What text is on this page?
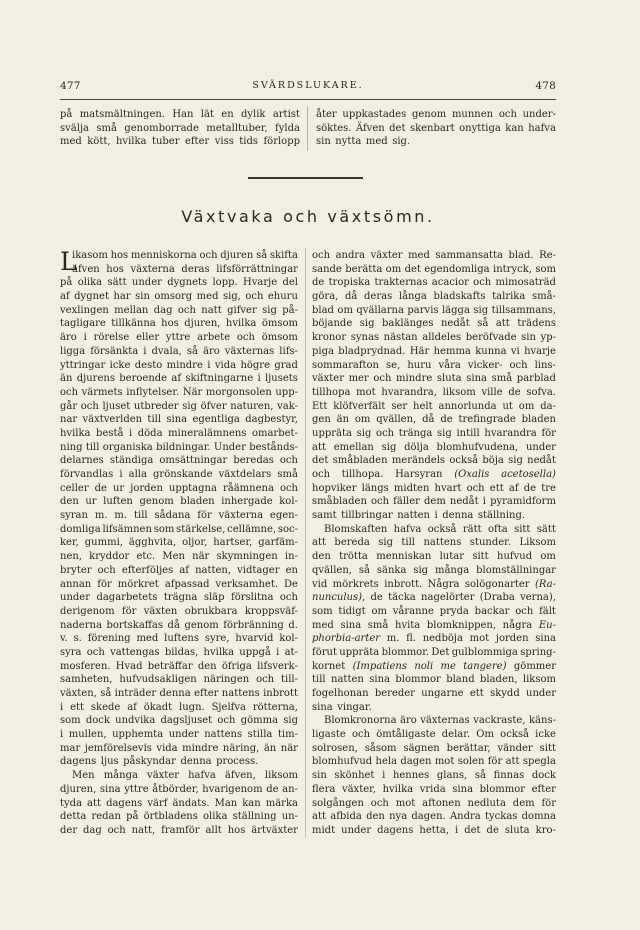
477	SVÄRDSLUKARE.	478
på matsmältningen. Han lät en dylik artist
svälja små genomborrade metalltuber, fylda
med kött, hvilka tuber efter viss tids förlopp
åter uppkastades genom munnen och under-
söktes. Äfven det skenbart onyttiga kan hafva
sin nytta med sig.
Växtvaka och växtsömn.
L
ikasom hos menniskorna och djuren så skifta
äfven hos växterna deras lifsförrättningar
på olika sätt under dygnets lopp. Hvarje del
af dygnet har sin omsorg med sig, och ehuru
vexlingen mellan dag och natt gifver sig på-
tagligare tillkänna hos djuren, hvilka ömsom
äro i rörelse eller yttre arbete och ömsom
ligga försänkta i dvala, så äro växternas lifs-
yttringar icke desto mindre i vida högre grad
än djurens beroende af skiftningarne i ljusets
och värmets inflytelser. När morgonsolen upp-
går och ljuset utbreder sig öfver naturen, vak-
nar växtverlden till sina egentliga dagbestyr,
hvilka bestå i döda mineralämnens omarbet-
ning till organiska bildningar. Under bestånds-
delarnes ständiga omsättningar beredas och
förvandlas i alla grönskande växtdelars små
celler de ur jorden upptagna råämnena och
den ur luften genom bladen inhergade kol-
syran m. m. till sådana för växterna egen-
domliga lifsämnen som stärkelse, cellämne, soc-
ker, gummi, ägghvita, oljor, hartser, garfäm-
nen, kryddor etc. Men när skymningen in-
bryter och efterföljes af natten, vidtager en
annan för mörkret afpassad verksamhet. De
under dagarbetets trägna släp förslitna och
derigenom för växten obrukbara kroppsväf-
naderna bortskaffas då genom förbränning d.
v. s. förening med luftens syre, hvarvid kol-
syra och vattengas bildas, hvilka uppgå i at-
mosferen. Hvad beträffar den öfriga lifsverk-
samheten, hufvudsakligen näringen och till-
växten, så inträder denna efter nattens inbrott
i ett skede af ökadt lugn. Sjelfva rötterna,
som dock undvika dagsljuset och gömma sig
i mullen, upphemta under nattens stilla tim-
mar jemförelsevis vida mindre näring, än när
dagens ljus påskyndar denna process.
Men många växter hafva äfven, liksom
djuren, sina yttre åtbörder, hvarigenom de an-
tyda att dagens värf ändats. Man kan märka
detta redan på örtbladens olika ställning un-
der dag och natt, framför allt hos ärtväxter
och andra växter med sammansatta blad. Re-
sande berätta om det egendomliga intryck, som
de tropiska trakternas acacior och mimosaträd
göra, då deras långa bladskafts talrika små-
blad om qvällarna parvis lägga sig tillsammans,
böjande sig baklänges nedåt så att trädens
kronor synas nästan alldeles beröfvade sin yp-
piga bladprydnad. Här hemma kunna vi hvarje
sommarafton se, huru våra vicker- och lins-
växter mer och mindre sluta sina små parblad
tillhopa mot hvarandra, liksom ville de sofva.
Ett klöfverfält ser helt annorlunda ut om da-
gen än om qvällen, då de trefingrade bladen
uppräta sig och tränga sig intill hvarandra för
att emellan sig dölja blomhufvudena, under
det småbladen merändels också böja sig nedåt
och tillhopa. Harsyran (Oxalis acetosella)
hopviker längs midten hvart och ett af de tre
småbladen och fäller dem nedåt i pyramidform
samt tillbringar natten i denna ställning.
Blomskaften hafva också rätt ofta sitt sätt
att bereda sig till nattens stunder. Liksom
den trötta menniskan lutar sitt hufvud om
qvällen, så sänka sig många blomställningar
vid mörkrets inbrott. Några solögonarter (Ra-
nunculus), de täcka nagelörter (Draba verna),
som tidigt om våranne pryda backar och fält
med sina små hvita blomknippen, några Eu-
phorbia-arter m. fl. nedböja mot jorden sina
förut uppräta blommor. Det gulblommiga spring-
kornet (Impatiens noli me tangere) gömmer
till natten sina blommor bland bladen, liksom
fogelhonan bereder ungarne ett skydd under
sina vingar.
Blomkronorna äro växternas vackraste, käns-
ligaste och ömtåligaste delar. Om också icke
solrosen, såsom sägnen berättar, vänder sitt
blomhufvud hela dagen mot solen för att spegla
sin skönhet i hennes glans, så finnas dock
flera växter, hvilka vrida sina blommor efter
solgången och mot aftonen nedluta dem för
att afbida den nya dagen. Andra tyckas domna
midt under dagens hetta, i det de sluta kro-
